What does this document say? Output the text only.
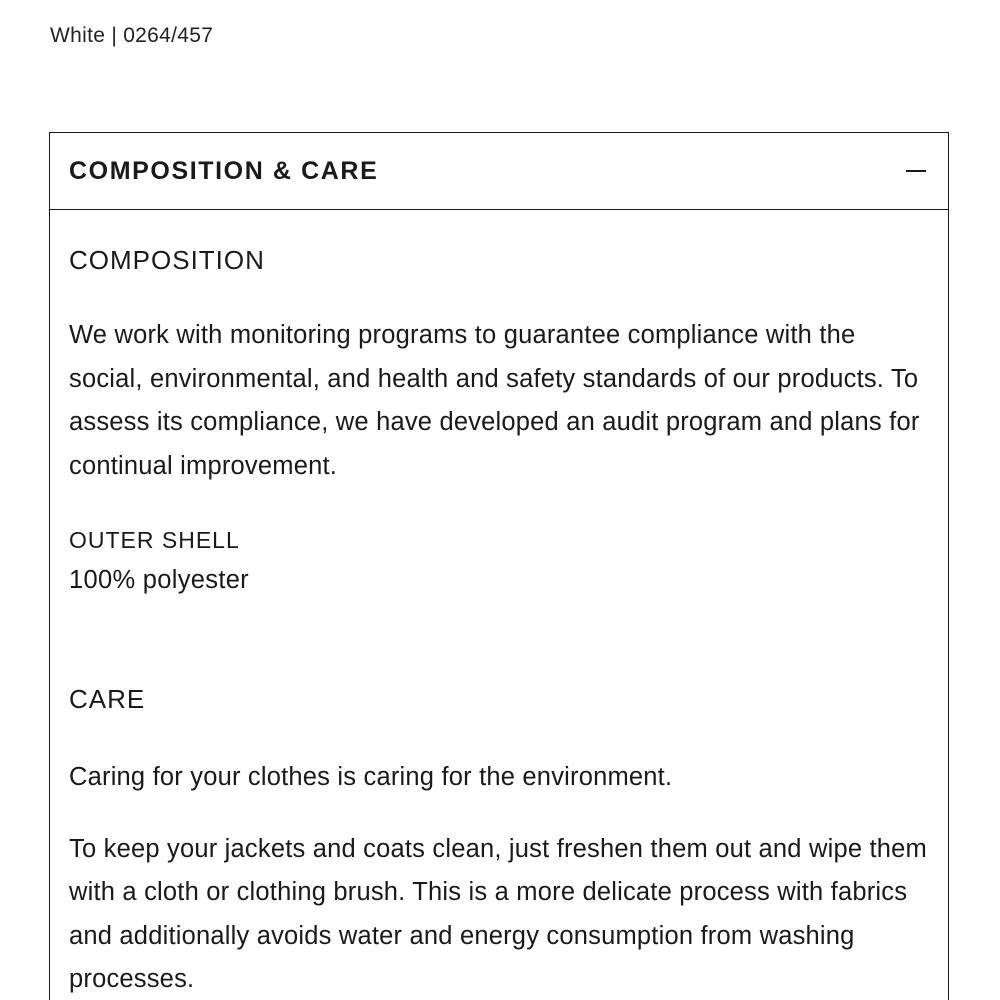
White | 0264/457
COMPOSITION & CARE

COMPOSITION

We work with monitoring programs to guarantee compliance with the social, environmental, and health and safety standards of our products. To assess its compliance, we have developed an audit program and plans for continual improvement.

OUTER SHELL

100% polyester

CARE

Caring for your clothes is caring for the environment.

To keep your jackets and coats clean, just freshen them out and wipe them with a cloth or clothing brush. This is a more delicate process with fabrics and additionally avoids water and energy consumption from washing processes.
